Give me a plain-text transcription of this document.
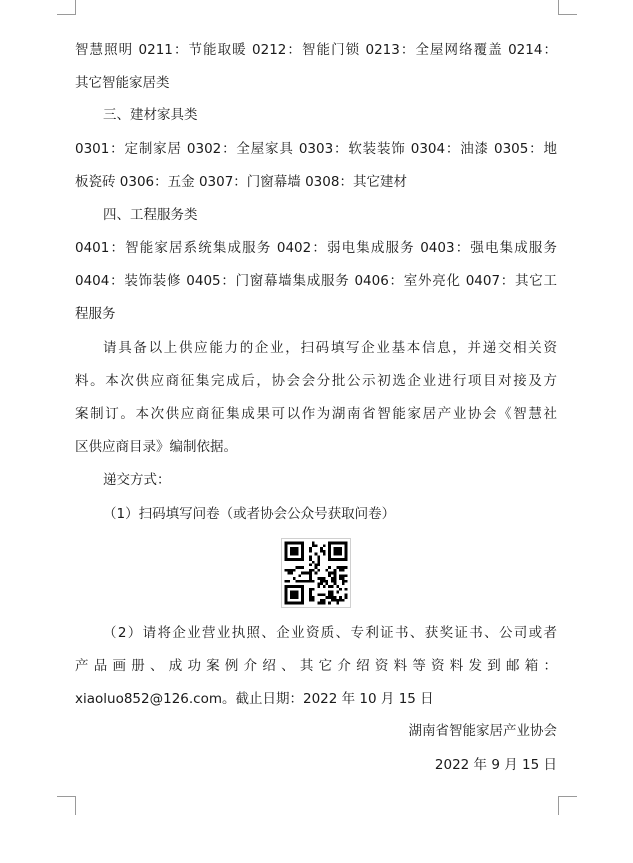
智慧照明 0211：节能取暖 0212：智能门锁 0213：全屋网络覆盖 0214：
其它智能家居类
三、建材家具类
0301：定制家居 0302：全屋家具 0303：软装装饰 0304：油漆 0305：地
板瓷砖 0306：五金 0307：门窗幕墙 0308：其它建材
四、工程服务类
0401：智能家居系统集成服务 0402：弱电集成服务 0403：强电集成服务
0404：装饰装修 0405：门窗幕墙集成服务 0406：室外亮化 0407：其它工
程服务
请具备以上供应能力的企业，扫码填写企业基本信息，并递交相关资
料。本次供应商征集完成后，协会会分批公示初选企业进行项目对接及方
案制订。本次供应商征集成果可以作为湖南省智能家居产业协会《智慧社
区供应商目录》编制依据。
递交方式：
（1）扫码填写问卷（或者协会公众号获取问卷）
（2）请将企业营业执照、企业资质、专利证书、获奖证书、公司或者
产品画册、成功案例介绍、其它介绍资料等资料发到邮箱：
xiaoluo852@126.com。截止日期：2022 年 10 月 15 日
湖南省智能家居产业协会
2022 年 9 月 15 日
